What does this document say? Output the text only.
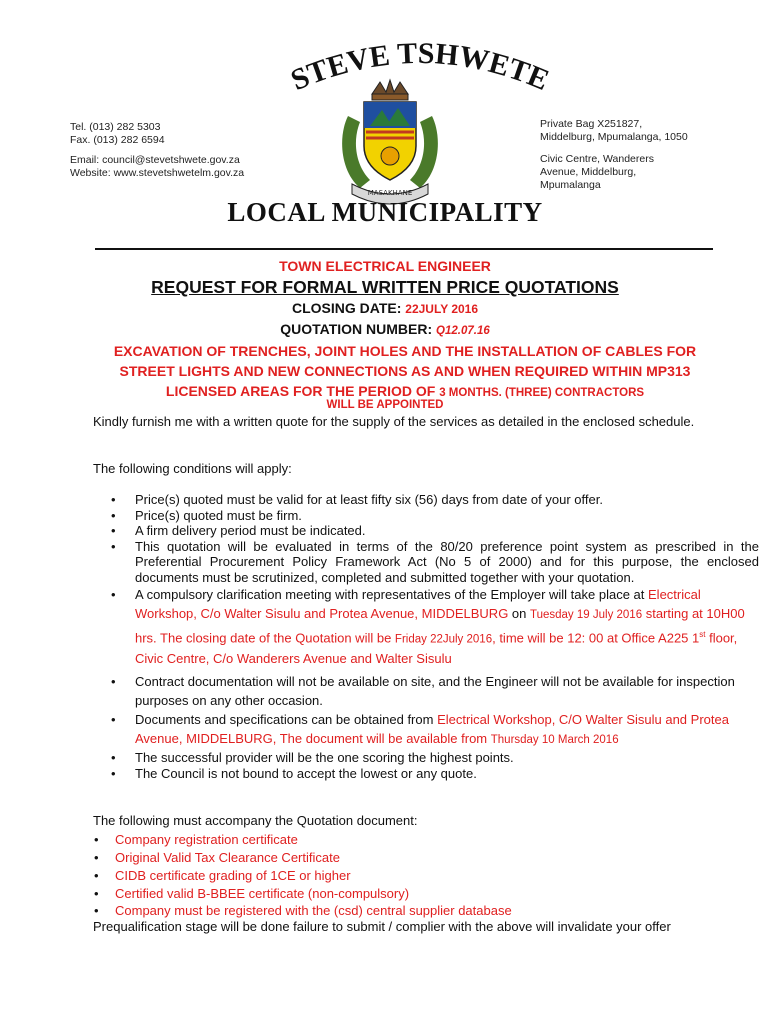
TEVE TSHWET
Tel. (013) 282 5303
Fax. (013) 282 6594
Email: council@stevetshwete.gov.za
Website: www.stevetshwetelm.gov.za
Private Bag X251827,
Middelburg, Mpumalanga, 1050
Civic Centre, Wanderers
Avenue, Middelburg,
Mpumalanga
MASAKHANE
LOCAL MUNICIPALITY
TOWN ELECTRICAL ENGINEER
REQUEST FOR FORMAL WRITTEN PRICE QUOTATIONS
CLOSING DATE: 22JULY 2016
QUOTATION NUMBER: Q12.07.16
EXCAVATION OF TRENCHES, JOINT HOLES AND THE INSTALLATION OF CABLES FOR STREET LIGHTS AND NEW CONNECTIONS AS AND WHEN REQUIRED WITHIN MP313 LICENSED AREAS FOR THE PERIOD OF 3 MONTHS. (THREE) CONTRACTORS
WILL BE APPOINTED
Kindly furnish me with a written quote for the supply of the services as detailed in the enclosed schedule.
The following conditions will apply:
• Price(s) quoted must be valid for at least fifty six (56) days from date of your offer.
• Price(s) quoted must be firm.
• A firm delivery period must be indicated.
• This quotation will be evaluated in terms of the 80/20 preference point system as prescribed in the Preferential Procurement Policy Framework Act (No 5 of 2000) and for this purpose, the enclosed documents must be scrutinized, completed and submitted together with your quotation.
• A compulsory clarification meeting with representatives of the Employer will take place at Electrical Workshop, C/o Walter Sisulu and Protea Avenue, MIDDELBURG on Tuesday 19 July 2016 starting at 10H00 hrs. The closing date of the Quotation will be Friday 22July 2016, time will be 12: 00 at Office A225 1st floor, Civic Centre, C/o Wanderers Avenue and Walter Sisulu
• Contract documentation will not be available on site, and the Engineer will not be available for inspection purposes on any other occasion.
• Documents and specifications can be obtained from Electrical Workshop, C/O Walter Sisulu and Protea Avenue, MIDDELBURG, The document will be available from Thursday 10 March 2016
• The successful provider will be the one scoring the highest points.
• The Council is not bound to accept the lowest or any quote.
The following must accompany the Quotation document:
• Company registration certificate
• Original Valid Tax Clearance Certificate
• CIDB certificate grading of 1CE or higher
• Certified valid B-BBEE certificate (non-compulsory)
• Company must be registered with the (csd) central supplier database
Prequalification stage will be done failure to submit / complier with the above will invalidate your offer
